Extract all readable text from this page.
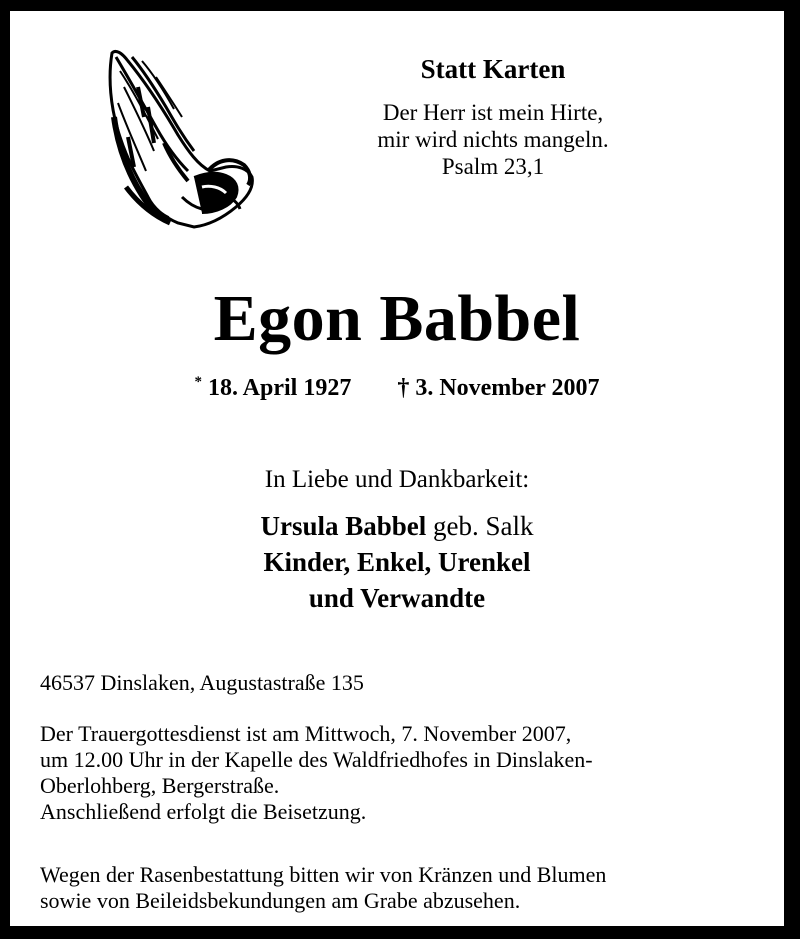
Statt Karten
Der Herr ist mein Hirte,
mir wird nichts mangeln.
Psalm 23,1
Egon Babbel
* 18. April 1927 † 3. November 2007
In Liebe und Dankbarkeit:
Ursula Babbel geb. Salk
Kinder, Enkel, Urenkel
und Verwandte
46537 Dinslaken, Augustastraße 135
Der Trauergottesdienst ist am Mittwoch, 7. November 2007,
um 12.00 Uhr in der Kapelle des Waldfriedhofes in Dinslaken-
Oberlohberg, Bergerstraße.
Anschließend erfolgt die Beisetzung.
Wegen der Rasenbestattung bitten wir von Kränzen und Blumen
sowie von Beileidsbekundungen am Grabe abzusehen.
